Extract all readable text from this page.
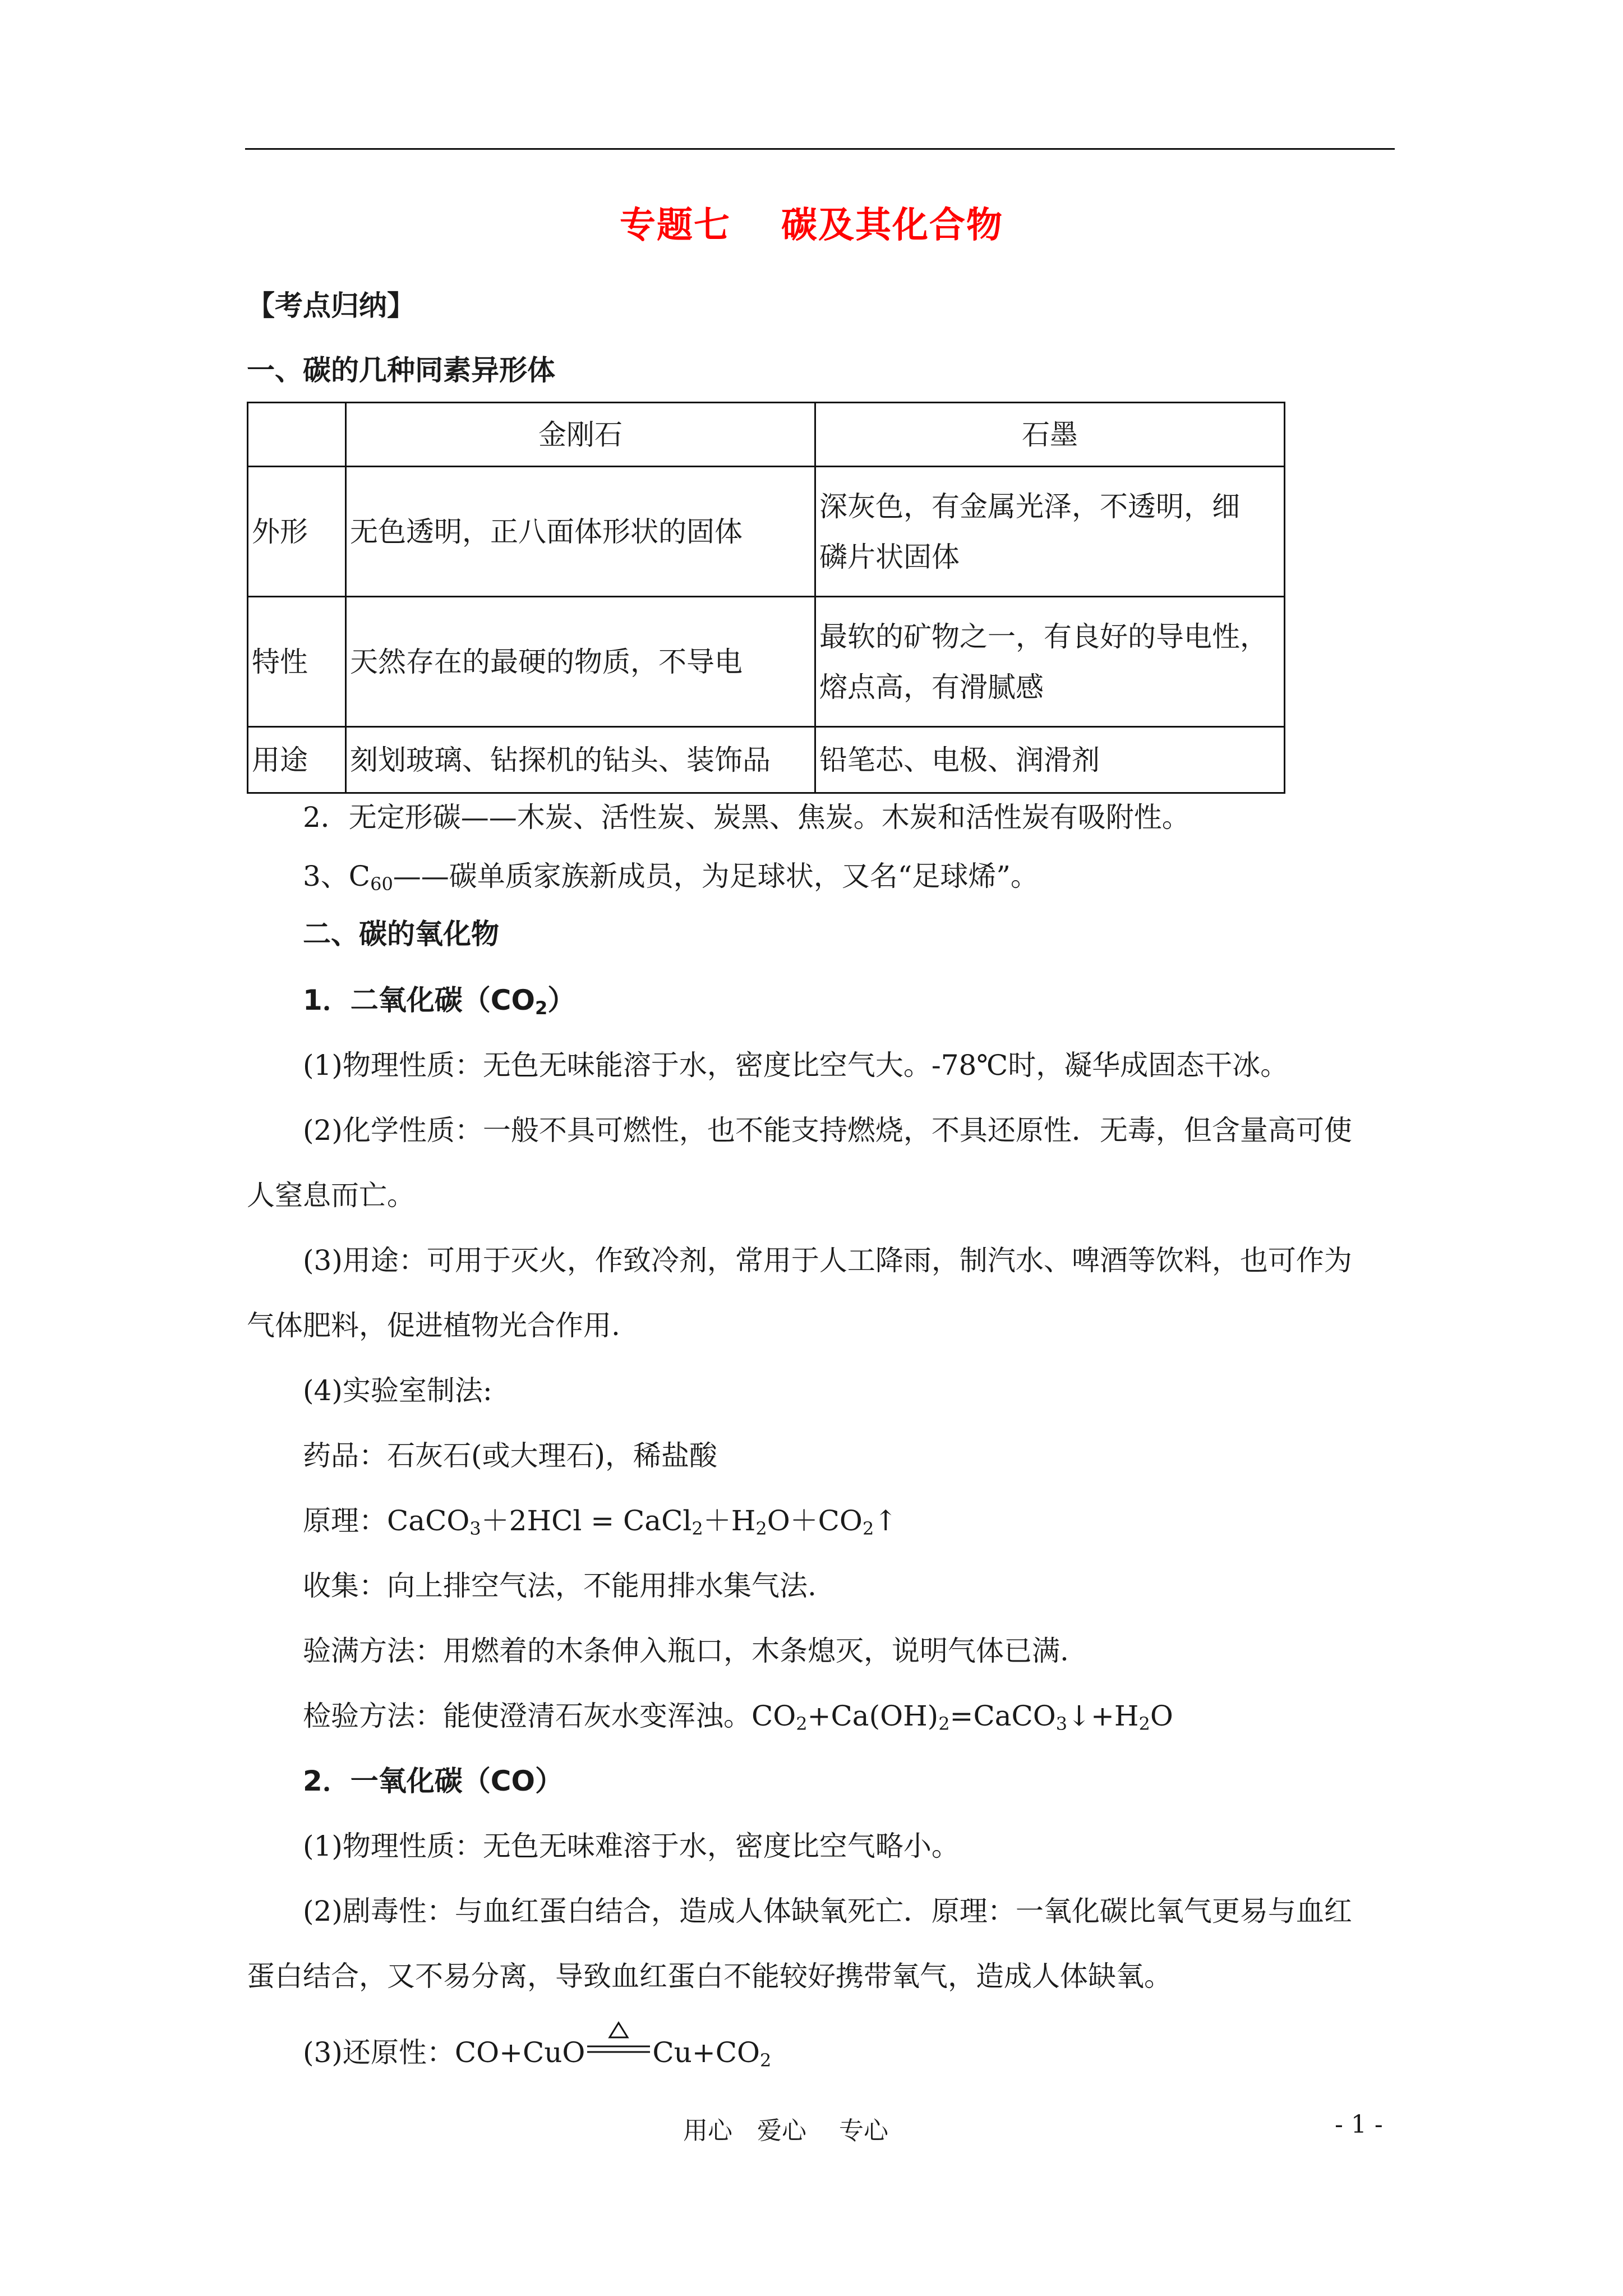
专题七 碳及其化合物
【考点归纳】
一、碳的几种同素异形体
	金刚石	石墨
外形	无色透明，正八面体形状的固体	深灰色，有金属光泽，不透明，细
磷片状固体

特性	天然存在的最硬的物质，不导电	最软的矿物之一，有良好的导电性，
熔点高，有滑腻感

用途	刻划玻璃、钻探机的钻头、装饰品	铅笔芯、电极、润滑剂
2．无定形碳——木炭、活性炭、炭黑、焦炭。木炭和活性炭有吸附性。
3、$C_{60}——$碳单质家族新成员，为足球状，又名“足球烯”。
二、碳的氧化物
1．二氧化碳$(CO_2)$
(1)物理性质：无色无味能溶于水，密度比空气大。-78℃时，凝华成固态干冰。
(2)化学性质：一般不具可燃性，也不能支持燃烧，不具还原性．无毒，但含量高可使
人窒息而亡。
(3)用途：可用于灭火，作致冷剂，常用于人工降雨，制汽水、啤酒等饮料，也可作为
气体肥料，促进植物光合作用.
(4)实验室制法:
药品：石灰石(或大理石)，稀盐酸
原理：CaCO$_3$＋2HCl = $CaCl_2+H_2O+CO_2↑$
收集：向上排空气法，不能用排水集气法.
验满方法：用燃着的木条伸入瓶口，木条熄灭，说明气体已满.
检验方法：能使澄清石灰水变浑浊。$CO_2+Ca(OH)_2=CaCO_3↓+H_2O$
2．一氧化碳（CO）
(1)物理性质：无色无味难溶于水，密度比空气略小。
(2)剧毒性：与血红蛋白结合，造成人体缺氧死亡．原理：一氧化碳比氧气更易与血红
蛋白结合，又不易分离，导致血红蛋白不能较好携带氧气，造成人体缺氧。
(3)还原性：CO+CuO $Cu+CO_2$
用心　爱心　 专心	- 1 -
